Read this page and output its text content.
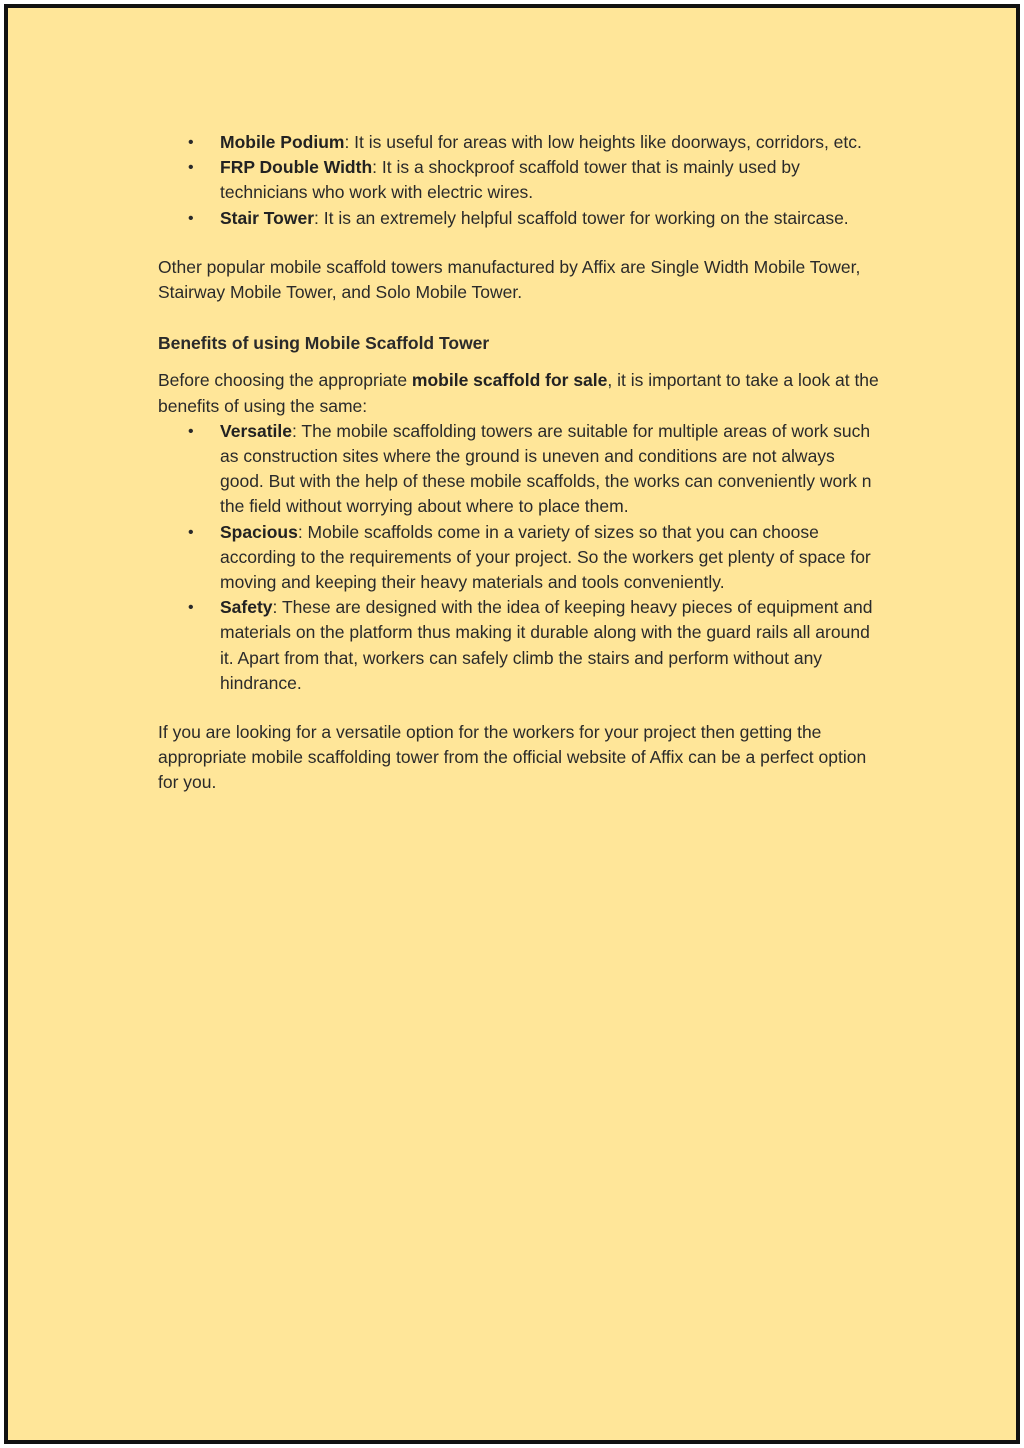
• Mobile Podium: It is useful for areas with low heights like doorways, corridors, etc.
• FRP Double Width: It is a shockproof scaffold tower that is mainly used by technicians who work with electric wires.
• Stair Tower: It is an extremely helpful scaffold tower for working on the staircase.

Other popular mobile scaffold towers manufactured by Affix are Single Width Mobile Tower, Stairway Mobile Tower, and Solo Mobile Tower.

Benefits of using Mobile Scaffold Tower

Before choosing the appropriate mobile scaffold for sale, it is important to take a look at the benefits of using the same:

• Versatile: The mobile scaffolding towers are suitable for multiple areas of work such as construction sites where the ground is uneven and conditions are not always good. But with the help of these mobile scaffolds, the works can conveniently work n the field without worrying about where to place them.
• Spacious: Mobile scaffolds come in a variety of sizes so that you can choose according to the requirements of your project. So the workers get plenty of space for moving and keeping their heavy materials and tools conveniently.
• Safety: These are designed with the idea of keeping heavy pieces of equipment and materials on the platform thus making it durable along with the guard rails all around it. Apart from that, workers can safely climb the stairs and perform without any hindrance.

If you are looking for a versatile option for the workers for your project then getting the appropriate mobile scaffolding tower from the official website of Affix can be a perfect option for you.
